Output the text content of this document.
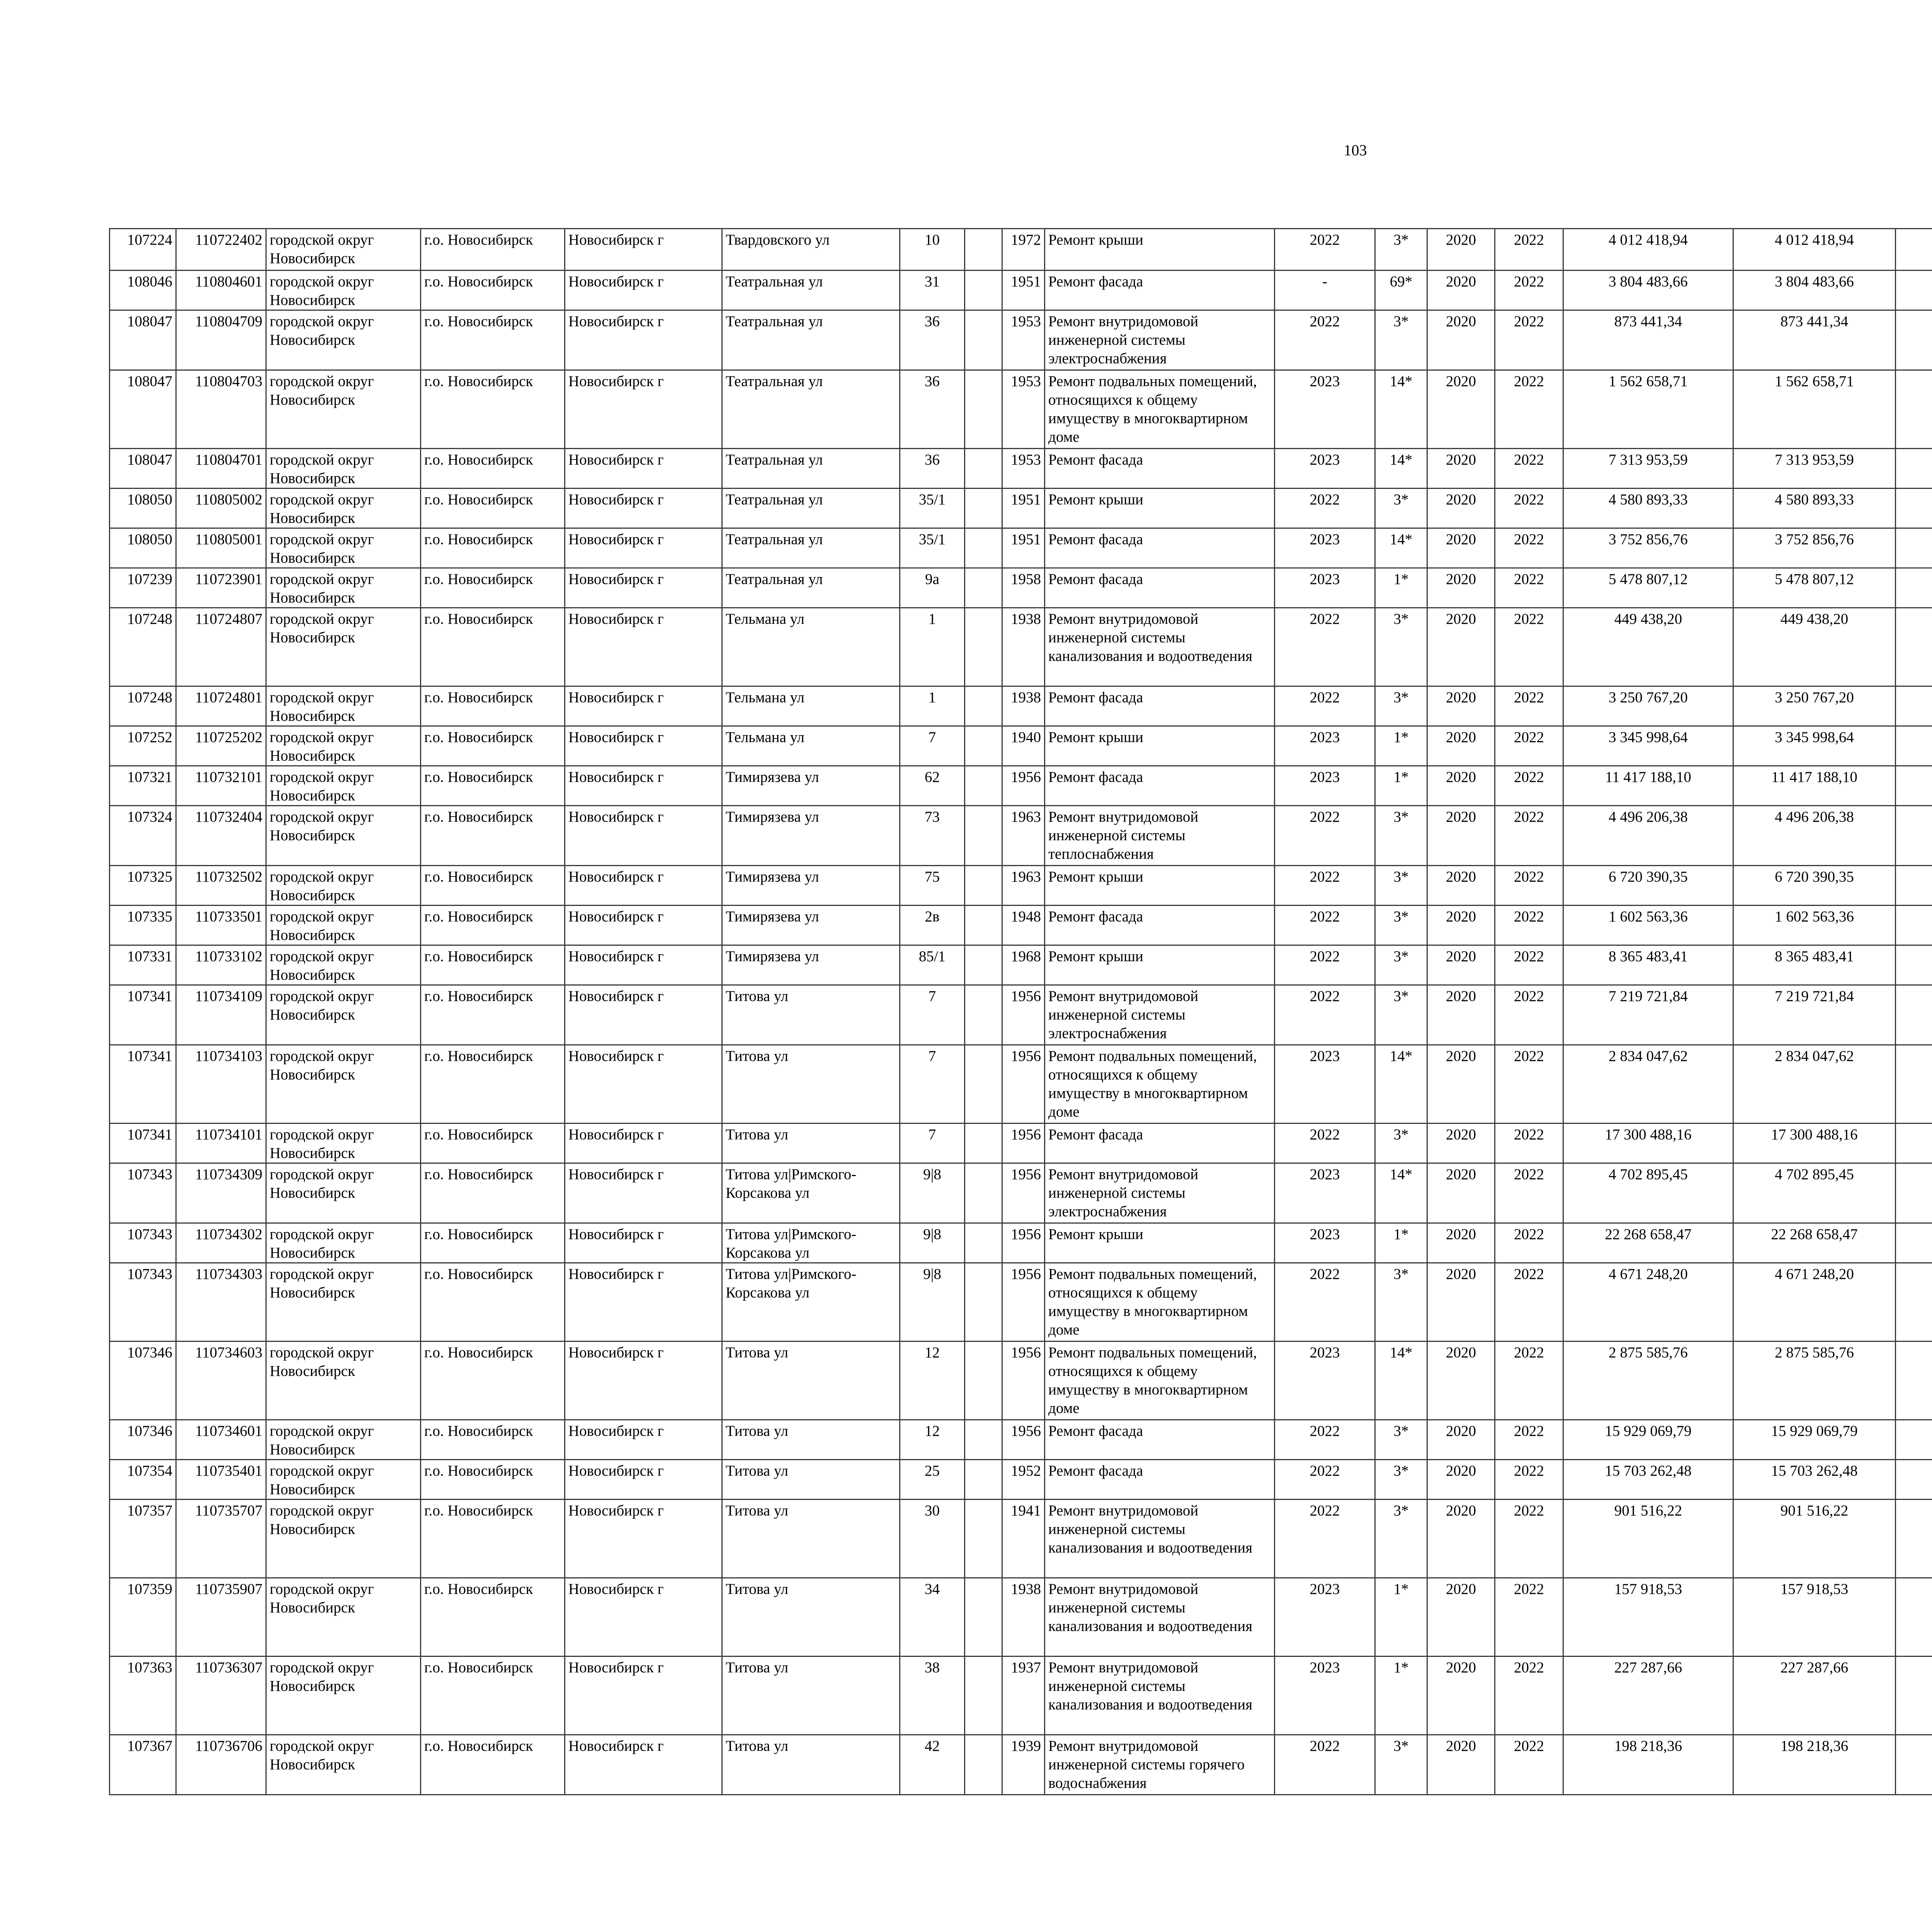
103
107224	110722402	городской округ Новосибирск	г.о. Новосибирск	Новосибирск г	Твардовского ул	10		1972	Ремонт крыши	2022	3*	2020	2022	4 012 418,94	4 012 418,94						
108046	110804601	городской округ Новосибирск	г.о. Новосибирск	Новосибирск г	Театральная ул	31		1951	Ремонт фасада	-	69*	2020	2022	3 804 483,66	3 804 483,66						
108047	110804709	городской округ Новосибирск	г.о. Новосибирск	Новосибирск г	Театральная ул	36		1953	Ремонт внутридомовой инженерной системы электроснабжения	2022	3*	2020	2022	873 441,34	873 441,34						
108047	110804703	городской округ Новосибирск	г.о. Новосибирск	Новосибирск г	Театральная ул	36		1953	Ремонт подвальных помещений, относящихся к общему имуществу в многоквартирном доме	2023	14*	2020	2022	1 562 658,71	1 562 658,71						
108047	110804701	городской округ Новосибирск	г.о. Новосибирск	Новосибирск г	Театральная ул	36		1953	Ремонт фасада	2023	14*	2020	2022	7 313 953,59	7 313 953,59						
108050	110805002	городской округ Новосибирск	г.о. Новосибирск	Новосибирск г	Театральная ул	35/1		1951	Ремонт крыши	2022	3*	2020	2022	4 580 893,33	4 580 893,33						
108050	110805001	городской округ Новосибирск	г.о. Новосибирск	Новосибирск г	Театральная ул	35/1		1951	Ремонт фасада	2023	14*	2020	2022	3 752 856,76	3 752 856,76						
107239	110723901	городской округ Новосибирск	г.о. Новосибирск	Новосибирск г	Театральная ул	9а		1958	Ремонт фасада	2023	1*	2020	2022	5 478 807,12	5 478 807,12						
107248	110724807	городской округ Новосибирск	г.о. Новосибирск	Новосибирск г	Тельмана ул	1		1938	Ремонт внутридомовой инженерной системы канализования и водоотведения	2022	3*	2020	2022	449 438,20	449 438,20						
107248	110724801	городской округ Новосибирск	г.о. Новосибирск	Новосибирск г	Тельмана ул	1		1938	Ремонт фасада	2022	3*	2020	2022	3 250 767,20	3 250 767,20						
107252	110725202	городской округ Новосибирск	г.о. Новосибирск	Новосибирск г	Тельмана ул	7		1940	Ремонт крыши	2023	1*	2020	2022	3 345 998,64	3 345 998,64						
107321	110732101	городской округ Новосибирск	г.о. Новосибирск	Новосибирск г	Тимирязева ул	62		1956	Ремонт фасада	2023	1*	2020	2022	11 417 188,10	11 417 188,10						
107324	110732404	городской округ Новосибирск	г.о. Новосибирск	Новосибирск г	Тимирязева ул	73		1963	Ремонт внутридомовой инженерной системы теплоснабжения	2022	3*	2020	2022	4 496 206,38	4 496 206,38						
107325	110732502	городской округ Новосибирск	г.о. Новосибирск	Новосибирск г	Тимирязева ул	75		1963	Ремонт крыши	2022	3*	2020	2022	6 720 390,35	6 720 390,35						
107335	110733501	городской округ Новосибирск	г.о. Новосибирск	Новосибирск г	Тимирязева ул	2в		1948	Ремонт фасада	2022	3*	2020	2022	1 602 563,36	1 602 563,36						
107331	110733102	городской округ Новосибирск	г.о. Новосибирск	Новосибирск г	Тимирязева ул	85/1		1968	Ремонт крыши	2022	3*	2020	2022	8 365 483,41	8 365 483,41						
107341	110734109	городской округ Новосибирск	г.о. Новосибирск	Новосибирск г	Титова ул	7		1956	Ремонт внутридомовой инженерной системы электроснабжения	2022	3*	2020	2022	7 219 721,84	7 219 721,84						
107341	110734103	городской округ Новосибирск	г.о. Новосибирск	Новосибирск г	Титова ул	7		1956	Ремонт подвальных помещений, относящихся к общему имуществу в многоквартирном доме	2023	14*	2020	2022	2 834 047,62	2 834 047,62						
107341	110734101	городской округ Новосибирск	г.о. Новосибирск	Новосибирск г	Титова ул	7		1956	Ремонт фасада	2022	3*	2020	2022	17 300 488,16	17 300 488,16						
107343	110734309	городской округ Новосибирск	г.о. Новосибирск	Новосибирск г	Титова ул|Римского-Корсакова ул	9|8		1956	Ремонт внутридомовой инженерной системы электроснабжения	2023	14*	2020	2022	4 702 895,45	4 702 895,45						
107343	110734302	городской округ Новосибирск	г.о. Новосибирск	Новосибирск г	Титова ул|Римского-Корсакова ул	9|8		1956	Ремонт крыши	2023	1*	2020	2022	22 268 658,47	22 268 658,47						
107343	110734303	городской округ Новосибирск	г.о. Новосибирск	Новосибирск г	Титова ул|Римского-Корсакова ул	9|8		1956	Ремонт подвальных помещений, относящихся к общему имуществу в многоквартирном доме	2022	3*	2020	2022	4 671 248,20	4 671 248,20						
107346	110734603	городской округ Новосибирск	г.о. Новосибирск	Новосибирск г	Титова ул	12		1956	Ремонт подвальных помещений, относящихся к общему имуществу в многоквартирном доме	2023	14*	2020	2022	2 875 585,76	2 875 585,76						
107346	110734601	городской округ Новосибирск	г.о. Новосибирск	Новосибирск г	Титова ул	12		1956	Ремонт фасада	2022	3*	2020	2022	15 929 069,79	15 929 069,79						
107354	110735401	городской округ Новосибирск	г.о. Новосибирск	Новосибирск г	Титова ул	25		1952	Ремонт фасада	2022	3*	2020	2022	15 703 262,48	15 703 262,48						
107357	110735707	городской округ Новосибирск	г.о. Новосибирск	Новосибирск г	Титова ул	30		1941	Ремонт внутридомовой инженерной системы канализования и водоотведения	2022	3*	2020	2022	901 516,22	901 516,22						
107359	110735907	городской округ Новосибирск	г.о. Новосибирск	Новосибирск г	Титова ул	34		1938	Ремонт внутридомовой инженерной системы канализования и водоотведения	2023	1*	2020	2022	157 918,53	157 918,53						
107363	110736307	городской округ Новосибирск	г.о. Новосибирск	Новосибирск г	Титова ул	38		1937	Ремонт внутридомовой инженерной системы канализования и водоотведения	2023	1*	2020	2022	227 287,66	227 287,66						
107367	110736706	городской округ Новосибирск	г.о. Новосибирск	Новосибирск г	Титова ул	42		1939	Ремонт внутридомовой инженерной системы горячего водоснабжения	2022	3*	2020	2022	198 218,36	198 218,36						
